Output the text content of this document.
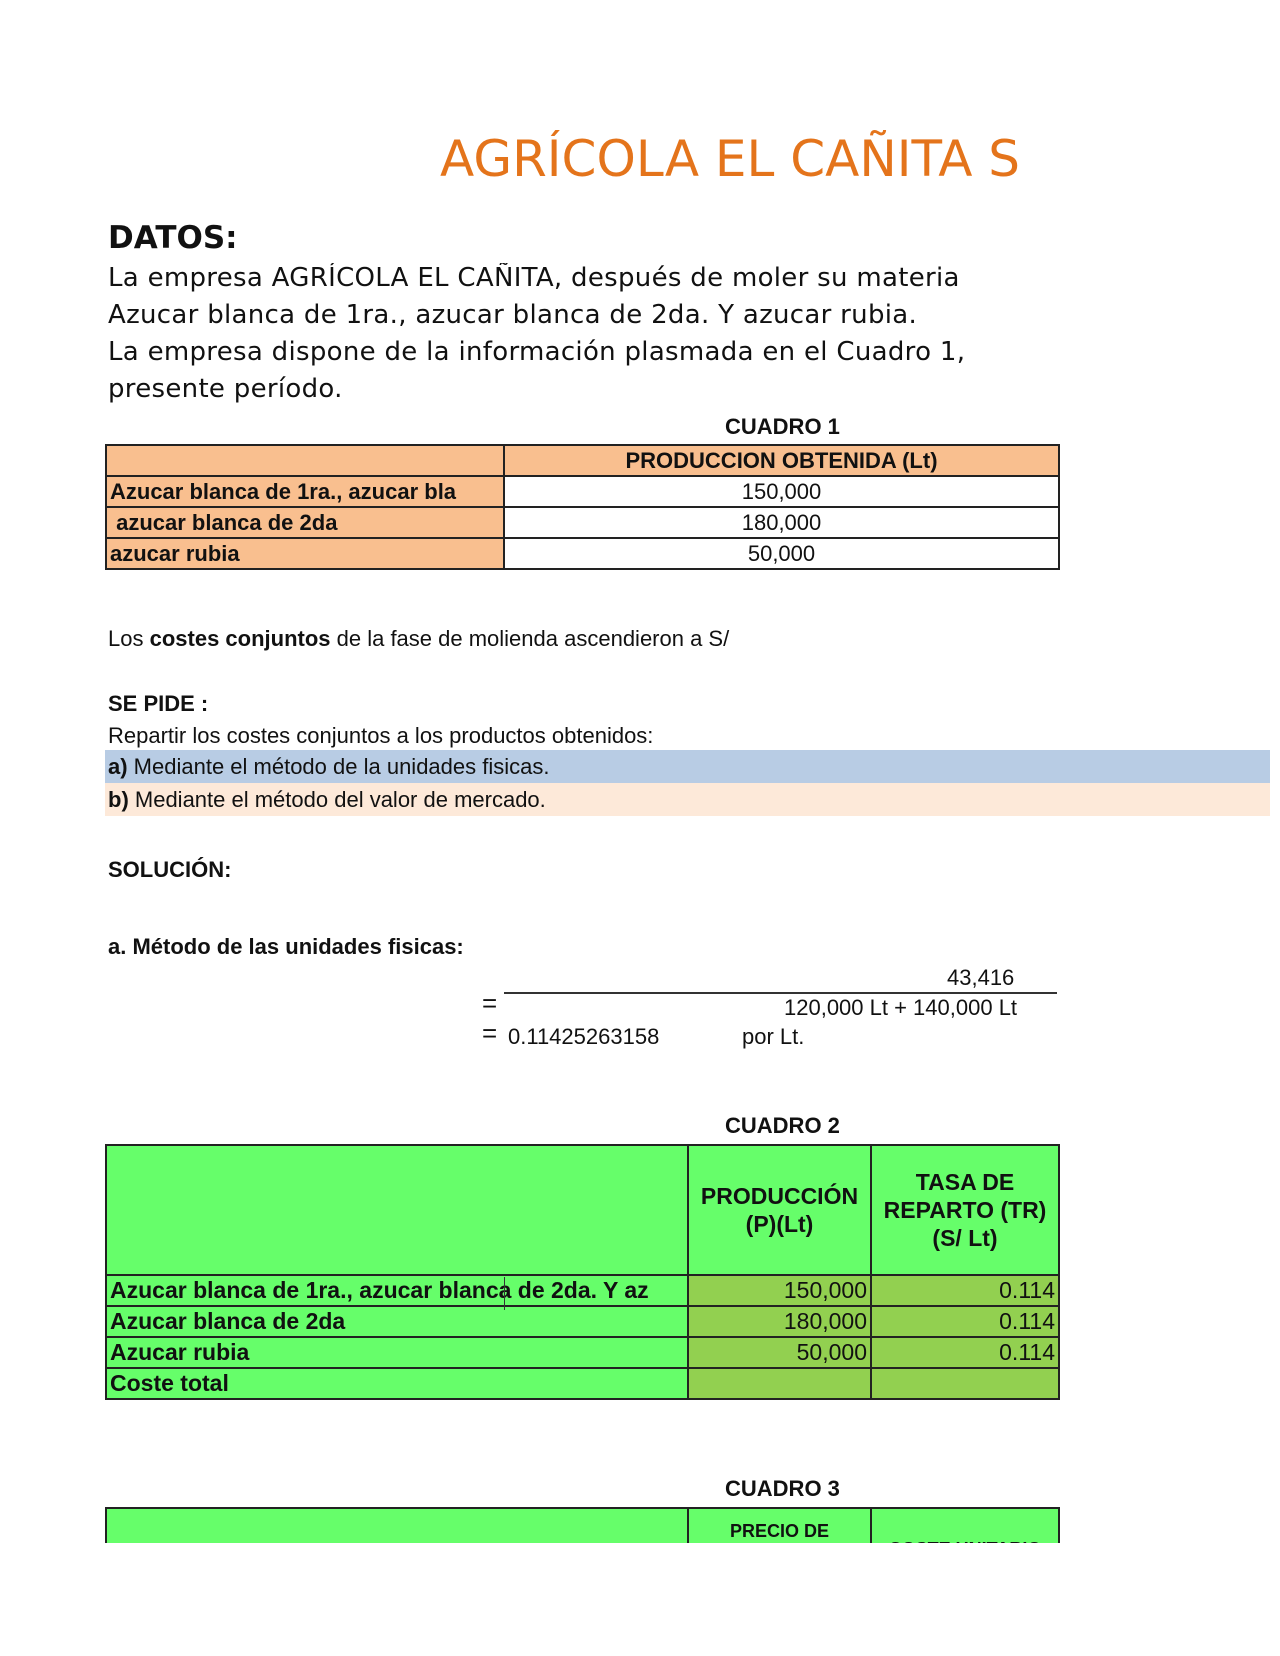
AGRÍCOLA EL CAÑITA S
DATOS:
La empresa AGRÍCOLA EL CAÑITA, después de moler su materia
Azucar blanca de 1ra., azucar blanca de 2da. Y azucar rubia.
La empresa dispone de la información plasmada en el Cuadro 1,
presente período.
CUADRO 1
	PRODUCCION OBTENIDA (Lt)
Azucar blanca de 1ra., azucar bla	150,000
azucar blanca de 2da	180,000
azucar rubia	50,000
Los costes conjuntos de la fase de molienda ascendieron a S/
SE PIDE :
Repartir los costes conjuntos a los productos obtenidos:
a) Mediante el método de la unidades fisicas.
b) Mediante el método del valor de mercado.
SOLUCIÓN:
a. Método de las unidades fisicas:
43,416
=	120,000 Lt + 140,000 Lt
= 0.11425263158	por Lt.
CUADRO 2
	PRODUCCIÓN (P)(Lt)	TASA DE REPARTO (TR) (S/ Lt)
Azucar blanca de 1ra., azucar blanca de 2da. Y az	150,000	0.114
Azucar blanca de 2da	180,000	0.114
Azucar rubia	50,000	0.114
Coste total		
CUADRO 3
	PRECIO DE	
